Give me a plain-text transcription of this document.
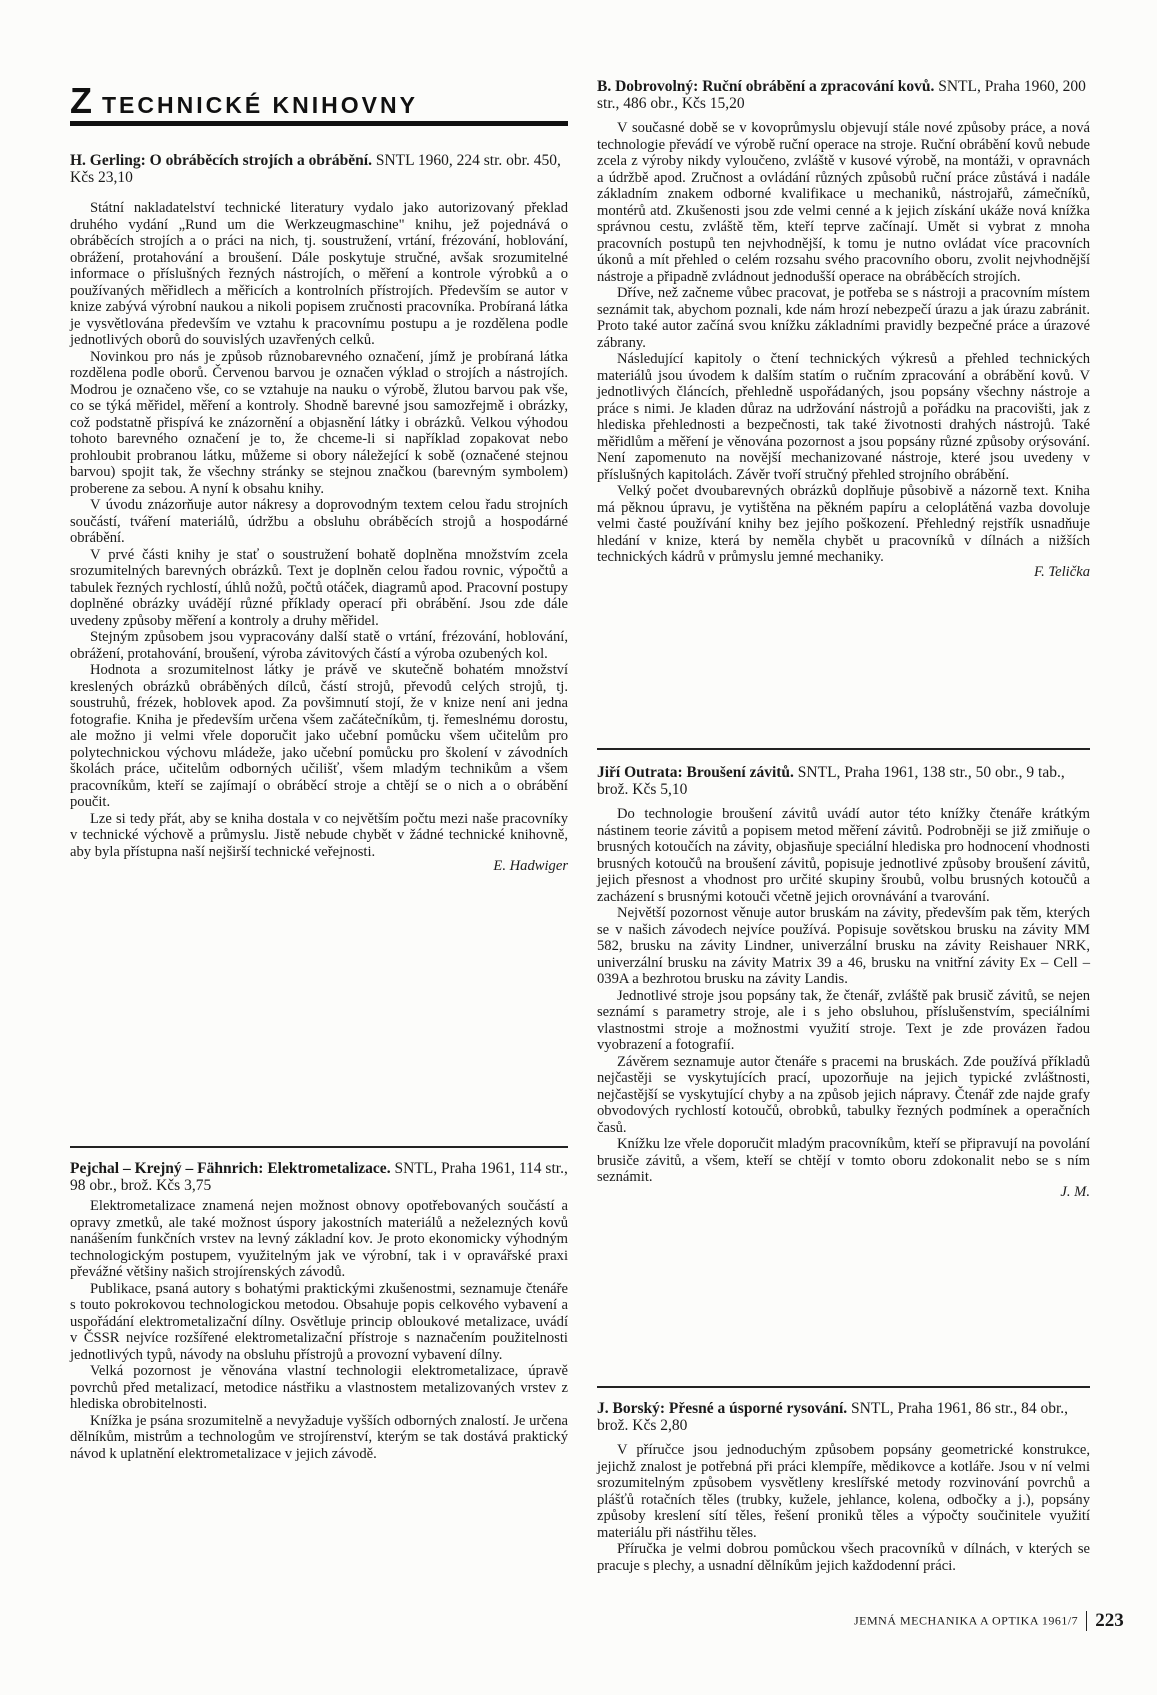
ZTECHNICKÉ KNIHOVNY
H. Gerling: O obráběcích strojích a obrábění. SNTL 1960, 224 str. obr. 450, Kčs 23,10

Státní nakladatelství technické literatury vydalo jako autorizovaný překlad druhého vydání „Rund um die Werkzeugmaschine" knihu, jež pojednává o obráběcích strojích a o práci na nich, tj. soustružení, vrtání, frézování, hoblování, obrážení, protahování a broušení. Dále poskytuje stručné, avšak srozumitelné informace o příslušných řezných nástrojích, o měření a kontrole výrobků a o používaných měřidlech a měřicích a kontrolních přístrojích. Především se autor v knize zabývá výrobní naukou a nikoli popisem zručnosti pracovníka. Probíraná látka je vysvětlována především ve vztahu k pracovnímu postupu a je rozdělena podle jednotlivých oborů do souvislých uzavřených celků.

Novinkou pro nás je způsob různobarevného označení, jímž je probíraná látka rozdělena podle oborů. Červenou barvou je označen výklad o strojích a nástrojích. Modrou je označeno vše, co se vztahuje na nauku o výrobě, žlutou barvou pak vše, co se týká měřidel, měření a kontroly. Shodně barevné jsou samozřejmě i obrázky, což podstatně přispívá ke znázornění a objasnění látky i obrázků. Velkou výhodou tohoto barevného označení je to, že chceme-li si například zopakovat nebo prohloubit probranou látku, můžeme si obory náležející k sobě (označené stejnou barvou) spojit tak, že všechny stránky se stejnou značkou (barevným symbolem) proberene za sebou. A nyní k obsahu knihy.

V úvodu znázorňuje autor nákresy a doprovodným textem celou řadu strojních součástí, tváření materiálů, údržbu a obsluhu obráběcích strojů a hospodárné obrábění.

V prvé části knihy je stať o soustružení bohatě doplněna množstvím zcela srozumitelných barevných obrázků. Text je doplněn celou řadou rovnic, výpočtů a tabulek řezných rychlostí, úhlů nožů, počtů otáček, diagramů apod. Pracovní postupy doplněné obrázky uvádějí různé příklady operací při obrábění. Jsou zde dále uvedeny způsoby měření a kontroly a druhy měřidel.

Stejným způsobem jsou vypracovány další statě o vrtání, frézování, hoblování, obrážení, protahování, broušení, výroba závitových částí a výroba ozubených kol.

Hodnota a srozumitelnost látky je právě ve skutečně bohatém množství kreslených obrázků obráběných dílců, částí strojů, převodů celých strojů, tj. soustruhů, frézek, hoblovek apod. Za povšimnutí stojí, že v knize není ani jedna fotografie. Kniha je především určena všem začátečníkům, tj. řemeslnému dorostu, ale možno ji velmi vřele doporučit jako učební pomůcku všem učitelům pro polytechnickou výchovu mládeže, jako učební pomůcku pro školení v závodních školách práce, učitelům odborných učilišť, všem mladým technikům a všem pracovníkům, kteří se zajímají o obráběcí stroje a chtějí se o nich a o obrábění poučit.

Lze si tedy přát, aby se kniha dostala v co největším počtu mezi naše pracovníky v technické výchově a průmyslu. Jistě nebude chybět v žádné technické knihovně, aby byla přístupna naší nejširší technické veřejnosti.

E. Hadwiger
Pejchal – Krejný – Fähnrich: Elektrometalizace. SNTL, Praha 1961, 114 str., 98 obr., brož. Kčs 3,75

Elektrometalizace znamená nejen možnost obnovy opotřebovaných součástí a opravy zmetků, ale také možnost úspory jakostních materiálů a neželezných kovů nanášením funkčních vrstev na levný základní kov. Je proto ekonomicky výhodným technologickým postupem, využitelným jak ve výrobní, tak i v opravářské praxi převážné většiny našich strojírenských závodů.

Publikace, psaná autory s bohatými praktickými zkušenostmi, seznamuje čtenáře s touto pokrokovou technologickou metodou. Obsahuje popis celkového vybavení a uspořádání elektrometalizační dílny. Osvětluje princip obloukové metalizace, uvádí v ČSSR nejvíce rozšířené elektrometalizační přístroje s naznačením použitelnosti jednotlivých typů, návody na obsluhu přístrojů a provozní vybavení dílny.

Velká pozornost je věnována vlastní technologii elektrometalizace, úpravě povrchů před metalizací, metodice nástřiku a vlastnostem metalizovaných vrstev z hlediska obrobitelnosti.

Knížka je psána srozumitelně a nevyžaduje vyšších odborných znalostí. Je určena dělníkům, mistrům a technologům ve strojírenství, kterým se tak dostává praktický návod k uplatnění elektrometalizace v jejich závodě.

B. Dobrovolný: Ruční obrábění a zpracování kovů. SNTL, Praha 1960, 200 str., 486 obr., Kčs 15,20

V současné době se v kovoprůmyslu objevují stále nové způsoby práce, a nová technologie převádí ve výrobě ruční operace na stroje. Ruční obrábění kovů nebude zcela z výroby nikdy vyloučeno, zvláště v kusové výrobě, na montáži, v opravnách a údržbě apod. Zručnost a ovládání různých způsobů ruční práce zůstává i nadále základním znakem odborné kvalifikace u mechaniků, nástrojařů, zámečníků, montérů atd. Zkušenosti jsou zde velmi cenné a k jejich získání ukáže nová knížka správnou cestu, zvláště těm, kteří teprve začínají. Umět si vybrat z mnoha pracovních postupů ten nejvhodnější, k tomu je nutno ovládat více pracovních úkonů a mít přehled o celém rozsahu svého pracovního oboru, zvolit nejvhodnější nástroje a připadně zvládnout jednodušší operace na obráběcích strojích.

Dříve, než začneme vůbec pracovat, je potřeba se s nástroji a pracovním místem seznámit tak, abychom poznali, kde nám hrozí nebezpečí úrazu a jak úrazu zabránit. Proto také autor začíná svou knížku základními pravidly bezpečné práce a úrazové zábrany.

Následující kapitoly o čtení technických výkresů a přehled technických materiálů jsou úvodem k dalším statím o ručním zpracování a obrábění kovů. V jednotlivých článcích, přehledně uspořádaných, jsou popsány všechny nástroje a práce s nimi. Je kladen důraz na udržování nástrojů a pořádku na pracovišti, jak z hlediska přehlednosti a bezpečnosti, tak také životnosti drahých nástrojů. Také měřidlům a měření je věnována pozornost a jsou popsány různé způsoby orýsování. Není zapomenuto na novější mechanizované nástroje, které jsou uvedeny v příslušných kapitolách. Závěr tvoří stručný přehled strojního obrábění.

Velký počet dvoubarevných obrázků doplňuje působivě a názorně text. Kniha má pěknou úpravu, je vytištěna na pěkném papíru a celoplátěná vazba dovoluje velmi časté používání knihy bez jejího poškození. Přehledný rejstřík usnadňuje hledání v knize, která by neměla chybět u pracovníků v dílnách a nižších technických kádrů v průmyslu jemné mechaniky.

F. Telička
Jiří Outrata: Broušení závitů. SNTL, Praha 1961, 138 str., 50 obr., 9 tab., brož. Kčs 5,10

Do technologie broušení závitů uvádí autor této knížky čtenáře krátkým nástinem teorie závitů a popisem metod měření závitů. Podrobněji se již zmiňuje o brusných kotoučích na závity, objasňuje speciální hlediska pro hodnocení vhodnosti brusných kotoučů na broušení závitů, popisuje jednotlivé způsoby broušení závitů, jejich přesnost a vhodnost pro určité skupiny šroubů, volbu brusných kotoučů a zacházení s brusnými kotouči včetně jejich orovnávání a tvarování.

Největší pozornost věnuje autor bruskám na závity, především pak těm, kterých se v našich závodech nejvíce používá. Popisuje sovětskou brusku na závity MM 582, brusku na závity Lindner, univerzální brusku na závity Reishauer NRK, univerzální brusku na závity Matrix 39 a 46, brusku na vnitřní závity Ex – Cell – 039A a bezhrotou brusku na závity Landis.

Jednotlivé stroje jsou popsány tak, že čtenář, zvláště pak brusič závitů, se nejen seznámí s parametry stroje, ale i s jeho obsluhou, příslušenstvím, speciálními vlastnostmi stroje a možnostmi využití stroje. Text je zde provázen řadou vyobrazení a fotografií.

Závěrem seznamuje autor čtenáře s pracemi na bruskách. Zde používá příkladů nejčastěji se vyskytujících prací, upozorňuje na jejich typické zvláštnosti, nejčastější se vyskytující chyby a na způsob jejich nápravy. Čtenář zde najde grafy obvodových rychlostí kotoučů, obrobků, tabulky řezných podmínek a operačních časů.

Knížku lze vřele doporučit mladým pracovníkům, kteří se připravují na povolání brusiče závitů, a všem, kteří se chtějí v tomto oboru zdokonalit nebo se s ním seznámit.

J. M.
J. Borský: Přesné a úsporné rysování. SNTL, Praha 1961, 86 str., 84 obr., brož. Kčs 2,80

V příručce jsou jednoduchým způsobem popsány geometrické konstrukce, jejichž znalost je potřebná při práci klempíře, mědikovce a kotláře. Jsou v ní velmi srozumitelným způsobem vysvětleny kreslířské metody rozvinování povrchů a plášťů rotačních těles (trubky, kužele, jehlance, kolena, odbočky a j.), popsány způsoby kreslení sítí těles, řešení proniků těles a výpočty součinitele využití materiálu při nástřihu těles.

Příručka je velmi dobrou pomůckou všech pracovníků v dílnách, v kterých se pracuje s plechy, a usnadní dělníkům jejich každodenní práci.

JEMNÁ MECHANIKA A OPTIKA 1961/7 223
